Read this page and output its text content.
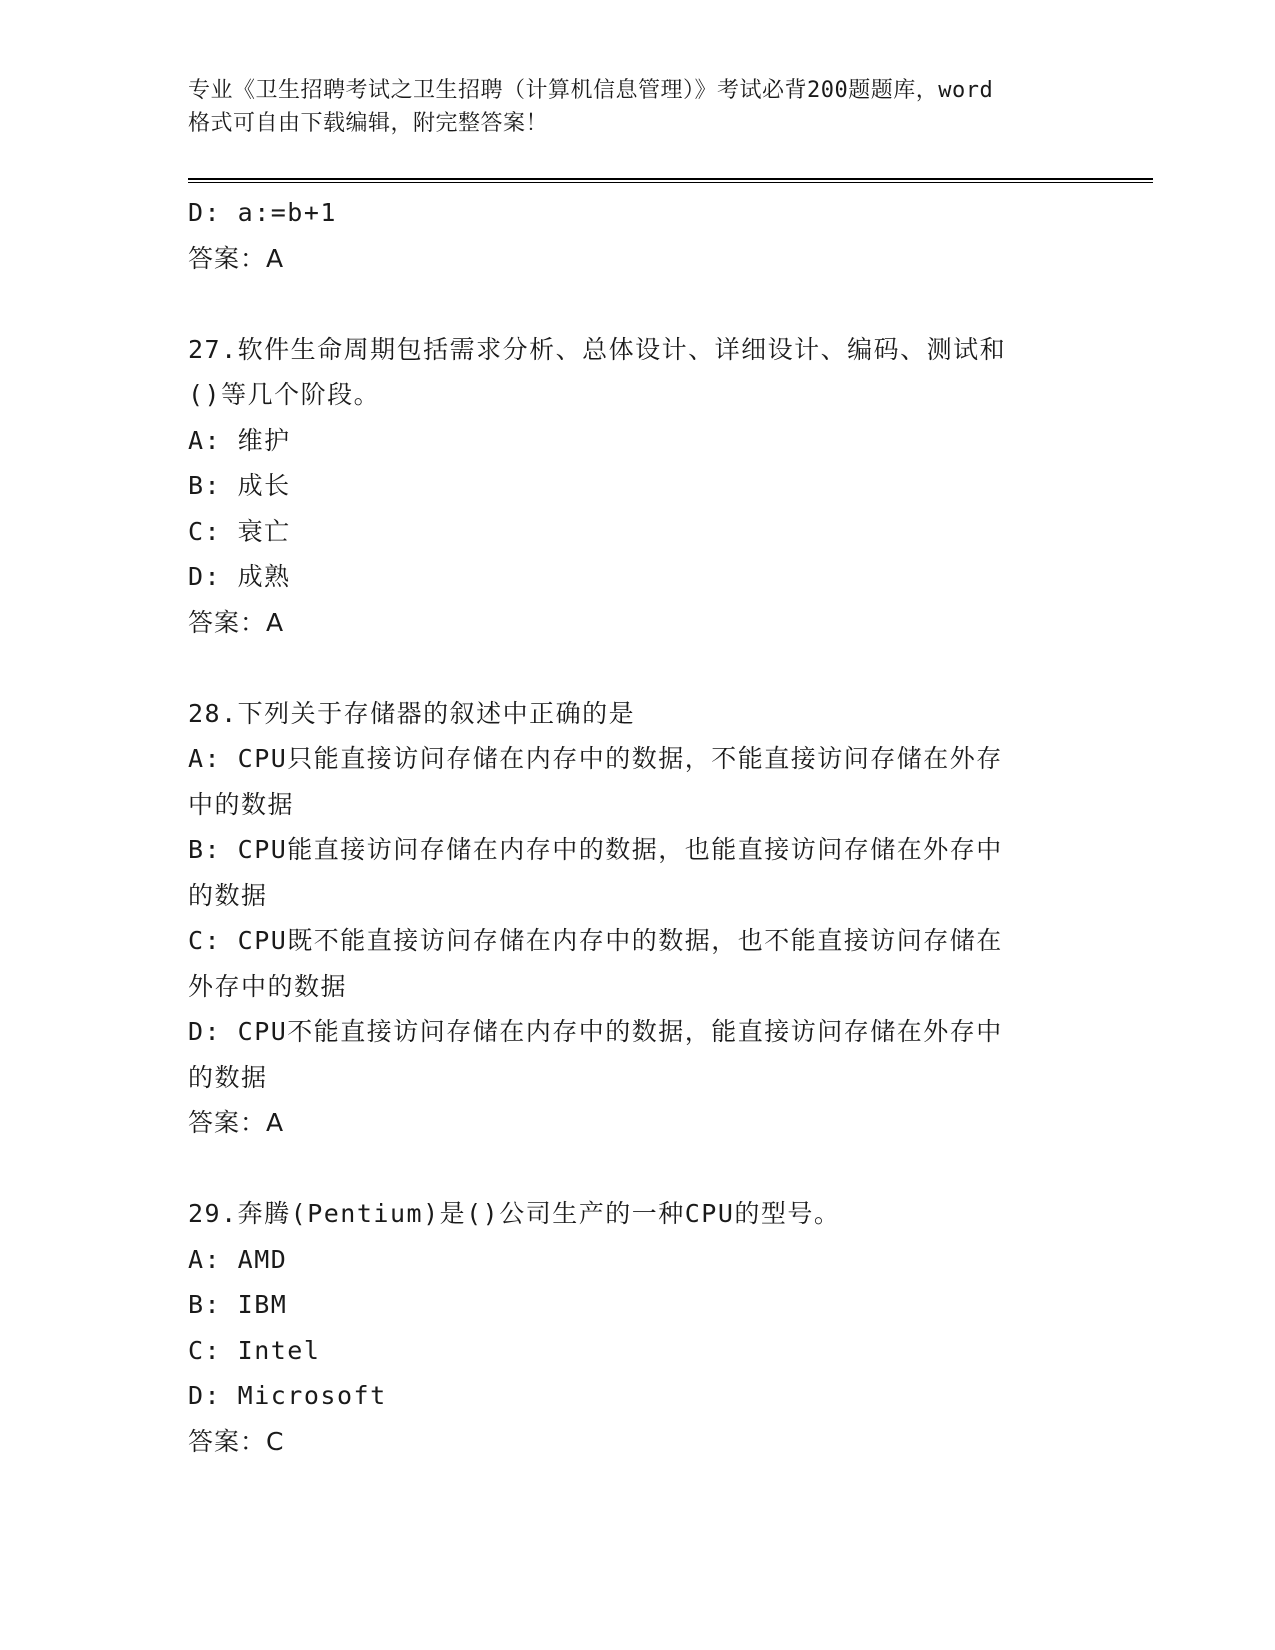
专业《卫生招聘考试之卫生招聘（计算机信息管理）》考试必背200题题库，word
格式可自由下载编辑，附完整答案！
D: a:=b+1
答案：A
27.软件生命周期包括需求分析、总体设计、详细设计、编码、测试和
()等几个阶段。
A: 维护
B: 成长
C: 衰亡
D: 成熟
答案：A
28.下列关于存储器的叙述中正确的是
A: CPU只能直接访问存储在内存中的数据，不能直接访问存储在外存
中的数据
B: CPU能直接访问存储在内存中的数据，也能直接访问存储在外存中
的数据
C: CPU既不能直接访问存储在内存中的数据，也不能直接访问存储在
外存中的数据
D: CPU不能直接访问存储在内存中的数据，能直接访问存储在外存中
的数据
答案：A
29.奔腾(Pentium)是()公司生产的一种CPU的型号。
A: AMD
B: IBM
C: Intel
D: Microsoft
答案：C
